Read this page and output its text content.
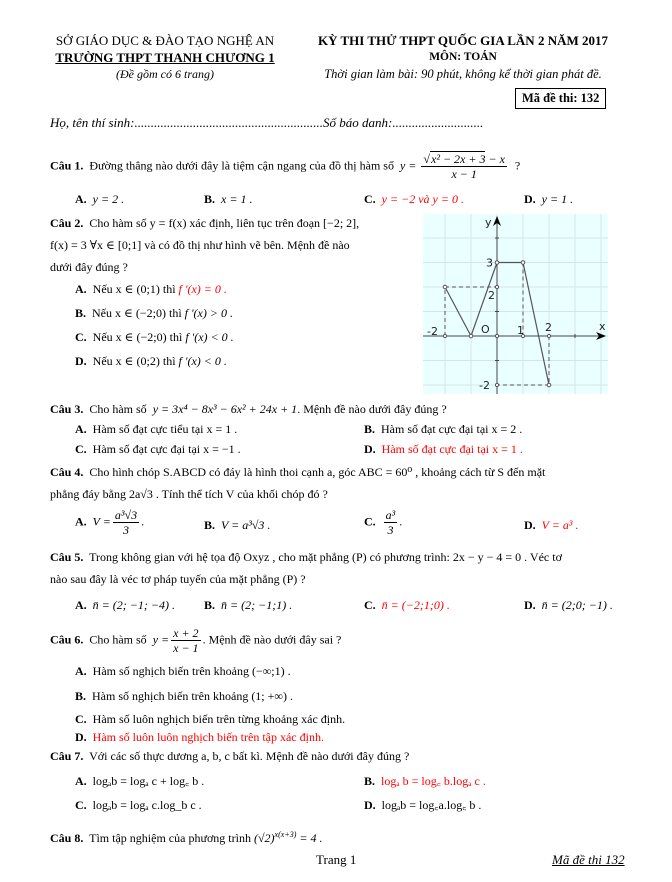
SỞ GIÁO DỤC & ĐÀO TẠO NGHỆ AN
TRƯỜNG THPT THANH CHƯƠNG 1
(Đề gồm có 6 trang)
KỲ THI THỬ THPT QUỐC GIA LẦN 2 NĂM 2017
MÔN: TOÁN
Thời gian làm bài: 90 phút, không kể thời gian phát đề.
Mã đề thi: 132
Họ, tên thí sinh:..........................................................Số báo danh:............................
Câu 1. Đường thẳng nào dưới đây là tiệm cận ngang của đồ thị hàm số $y = \frac{\text{√x² − 2x + 3 − x}}{x - 1}$ ?
A. y = 2 .	B. x = 1 .	C. y = −2 và y = 0 .	D. y = 1 .
Câu 2. Cho hàm số y = f(x) xác định, liên tục trên đoạn [−2; 2],
f(x) = 3 ∀x ∈ [0;1] và có đồ thị như hình vẽ bên. Mệnh đề nào
dưới đây đúng ?
A. Nếu x ∈ (0;1) thì f '(x) = 0 .
B. Nếu x ∈ (−2;0) thì f '(x) > 0 .
C. Nếu x ∈ (−2;0) thì f '(x) < 0 .
D. Nếu x ∈ (0;2) thì f '(x) < 0 .
y
x
O
-2	1 2
3
2
-2
Câu 3. Cho hàm số y = 3x⁴ − 8x³ − 6x² + 24x + 1. Mệnh đề nào dưới đây đúng ?
A. Hàm số đạt cực tiểu tại x = 1 .	B. Hàm số đạt cực đại tại x = 2 .
C. Hàm số đạt cực đại tại x = −1 .	D. Hàm số đạt cực đại tại x = 1 .
Câu 4. Cho hình chóp S.ABCD có đáy là hình thoi cạnh a, góc ABC = 60⁰ , khoảng cách từ S đến mặt
phẳng đáy bằng 2a√3 . Tính thể tích V của khối chóp đó ?
A. $V = \frac{\text{a³√3}}{3}$ .	B. V = a³√3 .	C. $\frac{\text{a³}}{3}$ .	D. V = a³ .
Câu 5. Trong không gian với hệ tọa độ Oxyz , cho mặt phẳng (P) có phương trình: 2x − y − 4 = 0 . Véc tơ
nào sau đây là véc tơ pháp tuyến của mặt phẳng (P) ?
A. n̄ = (2; −1; −4) . B. n̄ = (2; −1;1) .	C. n̄ = (−2;1;0) .	D. n̄ = (2;0; −1) .
Câu 6. Cho hàm số $y = \frac{x + 2}{x - 1}$ . Mệnh đề nào dưới đây sai ?
A. Hàm số nghịch biến trên khoảng (−∞;1) .
B. Hàm số nghịch biến trên khoảng (1; +∞) .
C. Hàm số luôn nghịch biến trên từng khoảng xác định.
D. Hàm số luôn luôn nghịch biến trên tập xác định.
Câu 7. Với các số thực dương a, b, c bất kì. Mệnh đề nào dưới đây đúng ?
A. logₐb = logₐ c + log꜀ b .	B. logₐ b = log꜀ b.logₐ c .
C. logₐb = logₐ c.log_b c .	D. logₐb = log꜀a.log꜀ b .
Câu 8. Tìm tập nghiệm của phương trình $(√2)^{x(x+3)} = 4$ .
Trang 1	Mã đề thi 132
